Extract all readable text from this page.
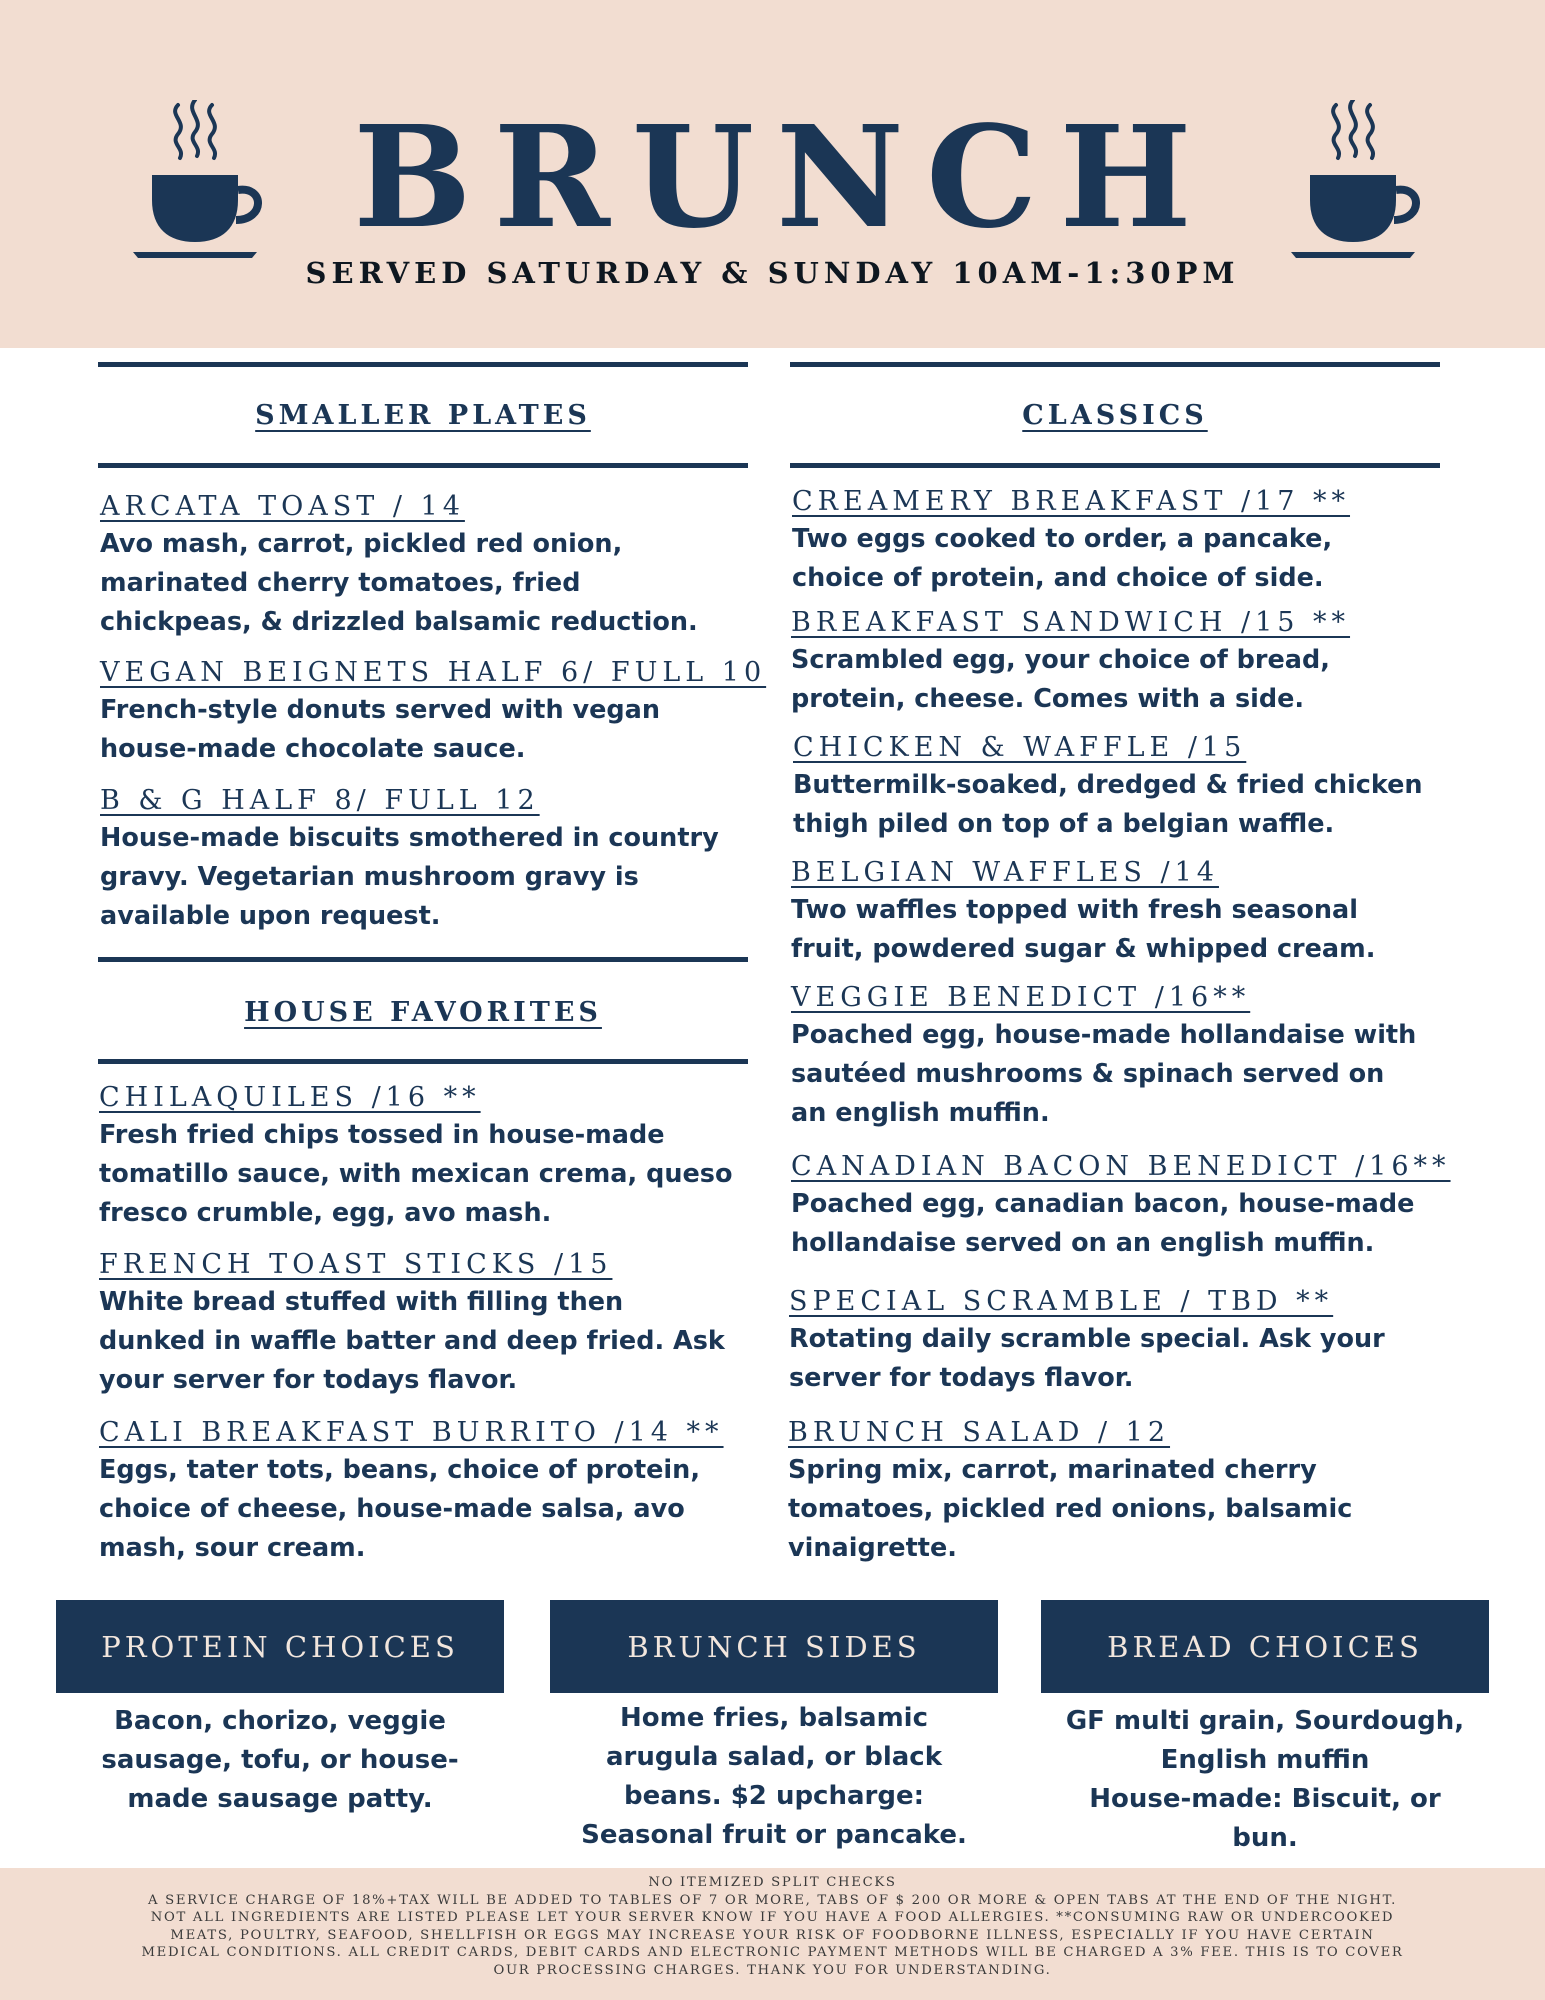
BRUNCH
SERVED SATURDAY & SUNDAY 10AM-1:30PM
SMALLER PLATES
ARCATA TOAST / 14
Avo mash, carrot, pickled red onion,
marinated cherry tomatoes, fried
chickpeas, & drizzled balsamic reduction.
VEGAN BEIGNETS HALF 6/ FULL 10
French-style donuts served with vegan
house-made chocolate sauce.
B & G HALF 8/ FULL 12
House-made biscuits smothered in country
gravy. Vegetarian mushroom gravy is
available upon request.
HOUSE FAVORITES
CHILAQUILES /16 **
Fresh fried chips tossed in house-made
tomatillo sauce, with mexican crema, queso
fresco crumble, egg, avo mash.
FRENCH TOAST STICKS /15
White bread stuffed with filling then
dunked in waffle batter and deep fried. Ask
your server for todays flavor.
CALI BREAKFAST BURRITO /14 **
Eggs, tater tots, beans, choice of protein,
choice of cheese, house-made salsa, avo
mash, sour cream.
CLASSICS
CREAMERY BREAKFAST /17 **
Two eggs cooked to order, a pancake,
choice of protein, and choice of side.
BREAKFAST SANDWICH /15 **
Scrambled egg, your choice of bread,
protein, cheese. Comes with a side.
CHICKEN & WAFFLE /15
Buttermilk-soaked, dredged & fried chicken
thigh piled on top of a belgian waffle.
BELGIAN WAFFLES /14
Two waffles topped with fresh seasonal
fruit, powdered sugar & whipped cream.
VEGGIE BENEDICT /16**
Poached egg, house-made hollandaise with
sautéed mushrooms & spinach served on
an english muffin.
CANADIAN BACON BENEDICT /16**
Poached egg, canadian bacon, house-made
hollandaise served on an english muffin.
SPECIAL SCRAMBLE / TBD **
Rotating daily scramble special. Ask your
server for todays flavor.
BRUNCH SALAD / 12
Spring mix, carrot, marinated cherry
tomatoes, pickled red onions, balsamic
vinaigrette.
PROTEIN CHOICES
Bacon, chorizo, veggie
sausage, tofu, or house-
made sausage patty.
BRUNCH SIDES
Home fries, balsamic
arugula salad, or black
beans. $2 upcharge:
Seasonal fruit or pancake.
BREAD CHOICES
GF multi grain, Sourdough,
English muffin
House-made: Biscuit, or
bun.

NO ITEMIZED SPLIT CHECKS

A SERVICE CHARGE OF 18%+TAX WILL BE ADDED TO TABLES OF 7 OR MORE, TABS OF $ 200 OR MORE & OPEN TABS AT THE END OF THE NIGHT.

NOT ALL INGREDIENTS ARE LISTED PLEASE LET YOUR SERVER KNOW IF YOU HAVE A FOOD ALLERGIES. **CONSUMING RAW OR UNDERCOOKED

MEATS, POULTRY, SEAFOOD, SHELLFISH OR EGGS MAY INCREASE YOUR RISK OF FOODBORNE ILLNESS, ESPECIALLY IF YOU HAVE CERTAIN

MEDICAL CONDITIONS. ALL CREDIT CARDS, DEBIT CARDS AND ELECTRONIC PAYMENT METHODS WILL BE CHARGED A 3% FEE. THIS IS TO COVER

OUR PROCESSING CHARGES. THANK YOU FOR UNDERSTANDING.
